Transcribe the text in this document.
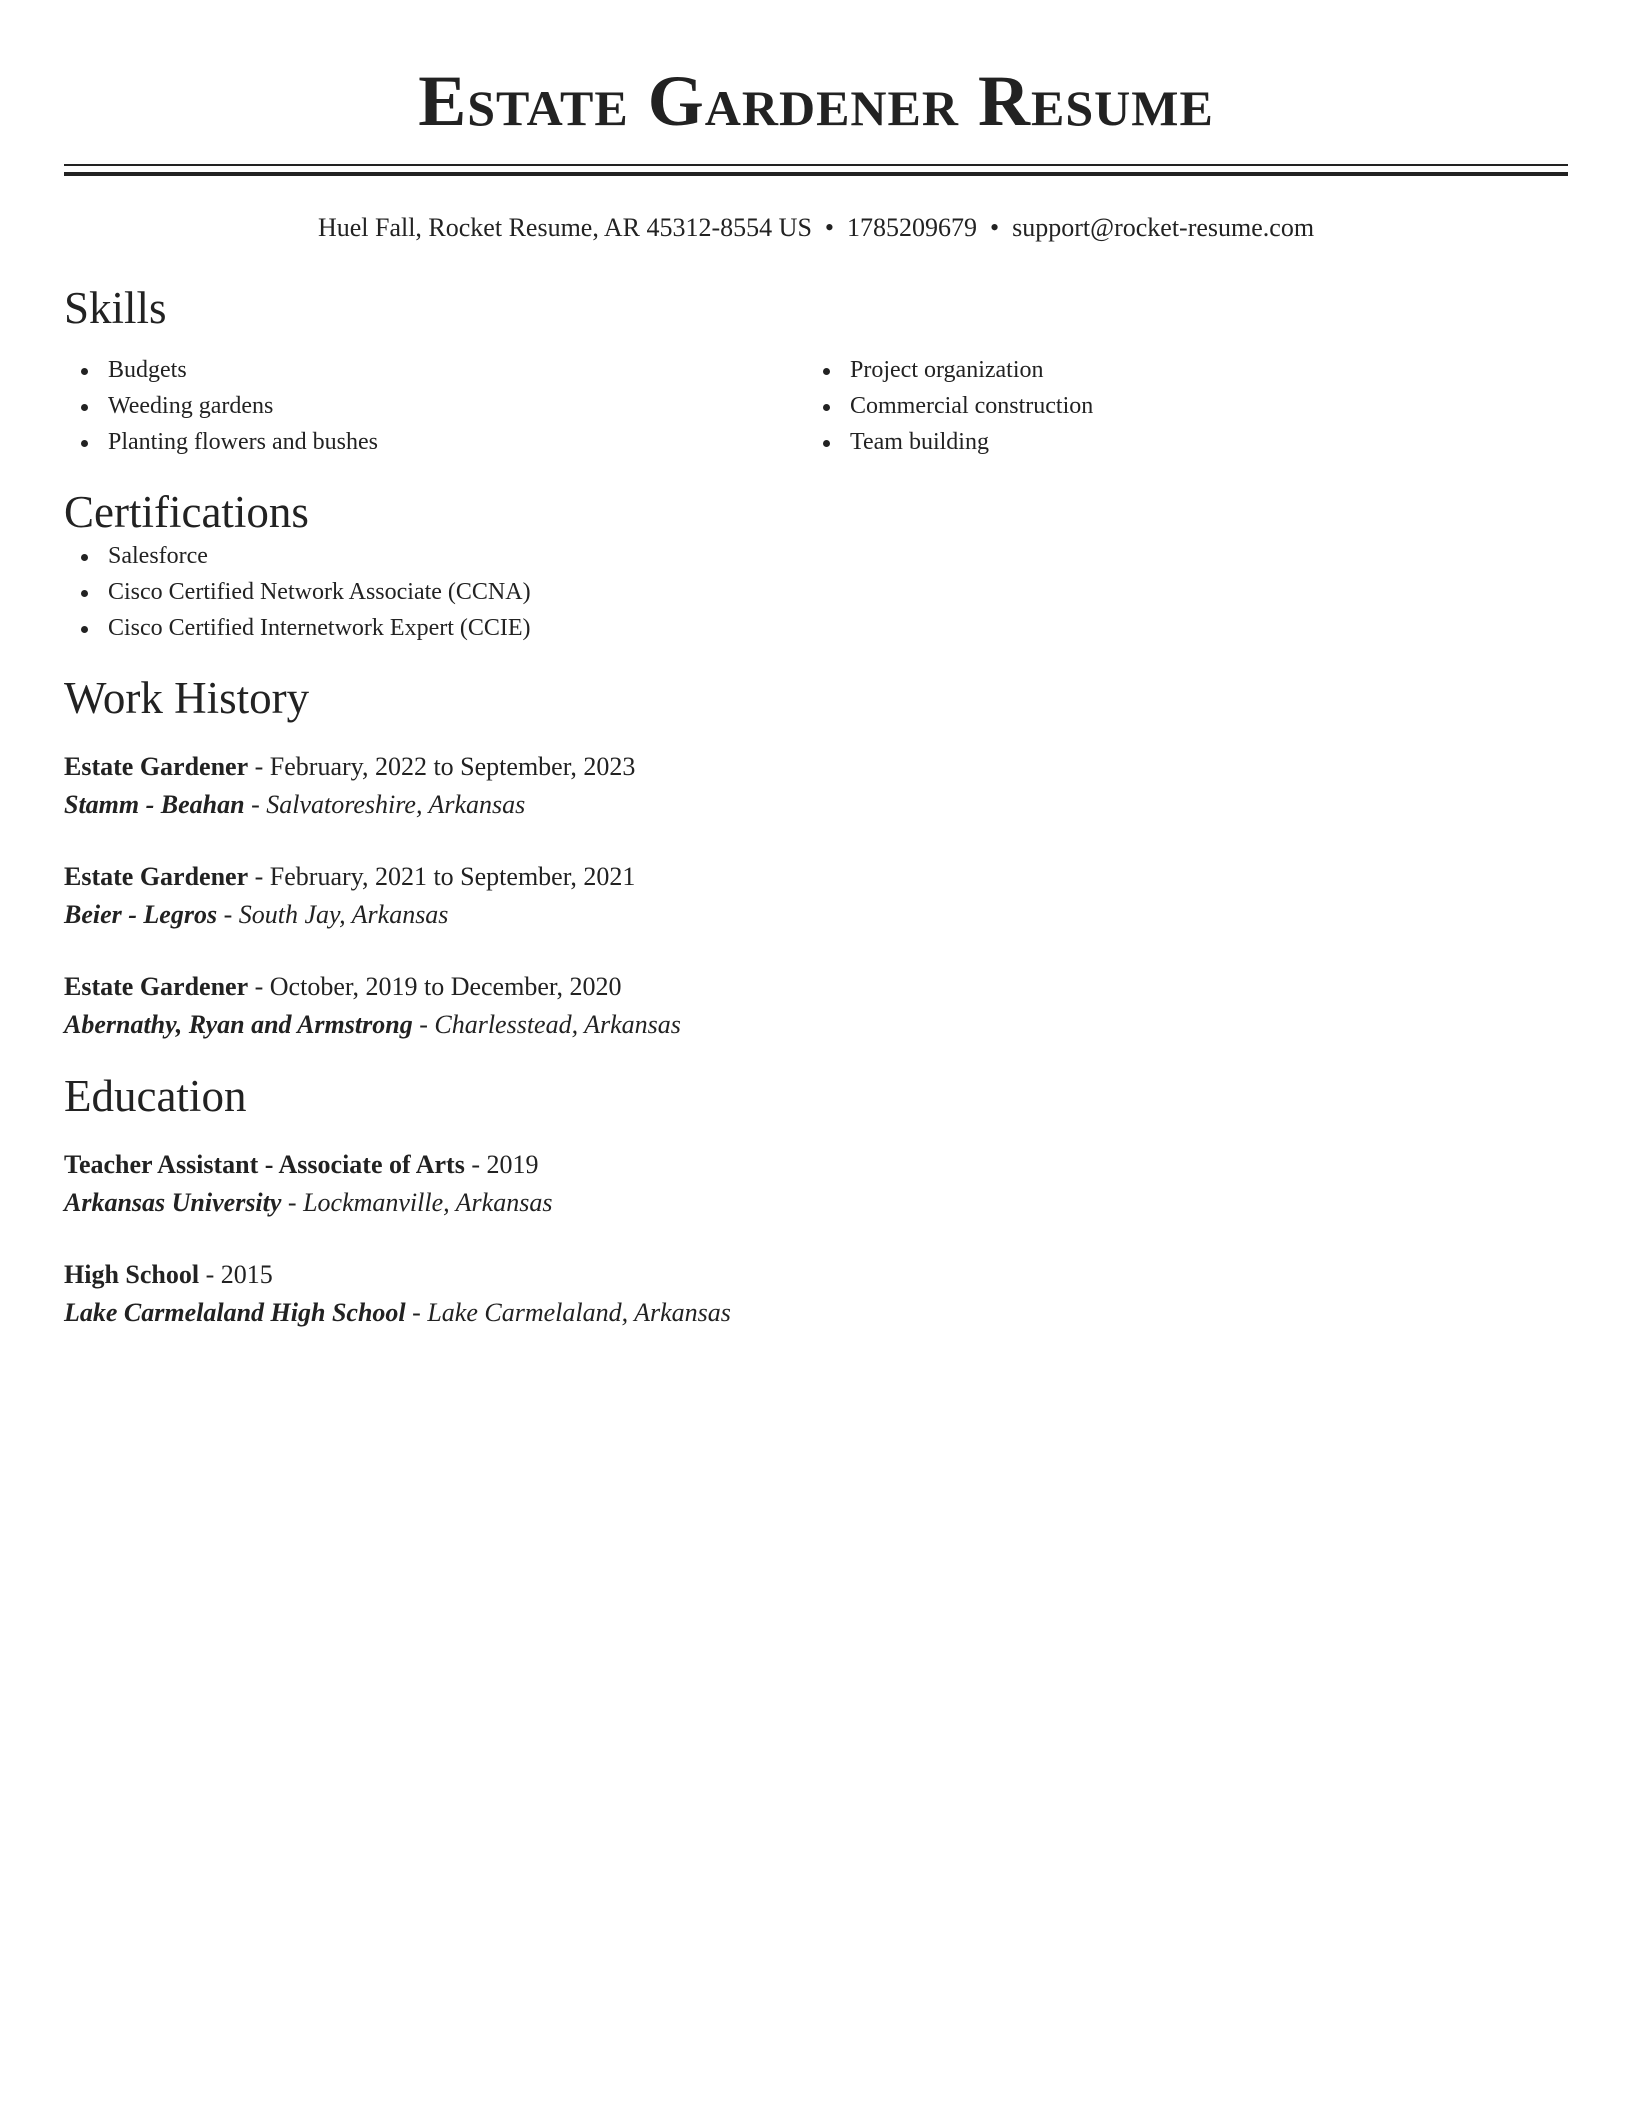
Estate Gardener Resume
Huel Fall, Rocket Resume, AR 45312-8554 US • 1785209679 • support@rocket-resume.com
Skills
Budgets
Weeding gardens
Planting flowers and bushes
Project organization
Commercial construction
Team building
Certifications
Salesforce
Cisco Certified Network Associate (CCNA)
Cisco Certified Internetwork Expert (CCIE)
Work History
Estate Gardener - February, 2022 to September, 2023
Stamm - Beahan - Salvatoreshire, Arkansas
Estate Gardener - February, 2021 to September, 2021
Beier - Legros - South Jay, Arkansas
Estate Gardener - October, 2019 to December, 2020
Abernathy, Ryan and Armstrong - Charlesstead, Arkansas
Education
Teacher Assistant - Associate of Arts - 2019
Arkansas University - Lockmanville, Arkansas
High School - 2015
Lake Carmelaland High School - Lake Carmelaland, Arkansas
